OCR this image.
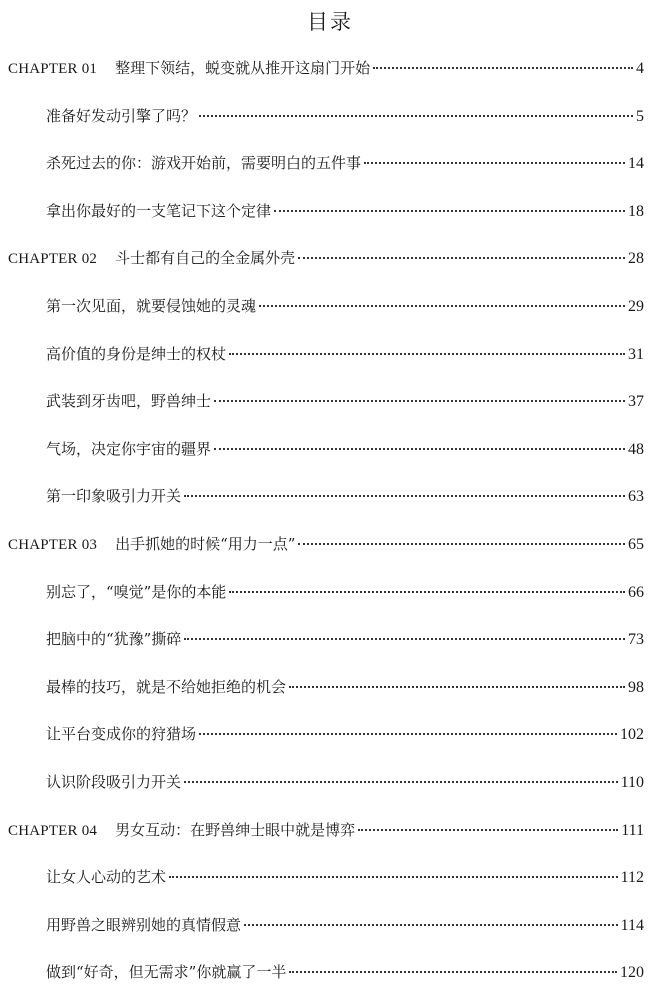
目录
CHAPTER 01 整理下领结，蜕变就从推开这扇门开始	4
准备好发动引擎了吗？	5
杀死过去的你：游戏开始前，需要明白的五件事	14
拿出你最好的一支笔记下这个定律	18
CHAPTER 02 斗士都有自己的全金属外壳	28
第一次见面，就要侵蚀她的灵魂	29
高价值的身份是绅士的权杖	31
武装到牙齿吧，野兽绅士	37
气场，决定你宇宙的疆界	48
第一印象吸引力开关	63
CHAPTER 03 出手抓她的时候“用力一点”	65
别忘了，“嗅觉”是你的本能	66
把脑中的“犹豫”撕碎	73
最棒的技巧，就是不给她拒绝的机会	98
让平台变成你的狩猎场	102
认识阶段吸引力开关	110
CHAPTER 04 男女互动：在野兽绅士眼中就是博弈	111
让女人心动的艺术	112
用野兽之眼辨别她的真情假意	114
做到“好奇，但无需求”你就赢了一半	120
